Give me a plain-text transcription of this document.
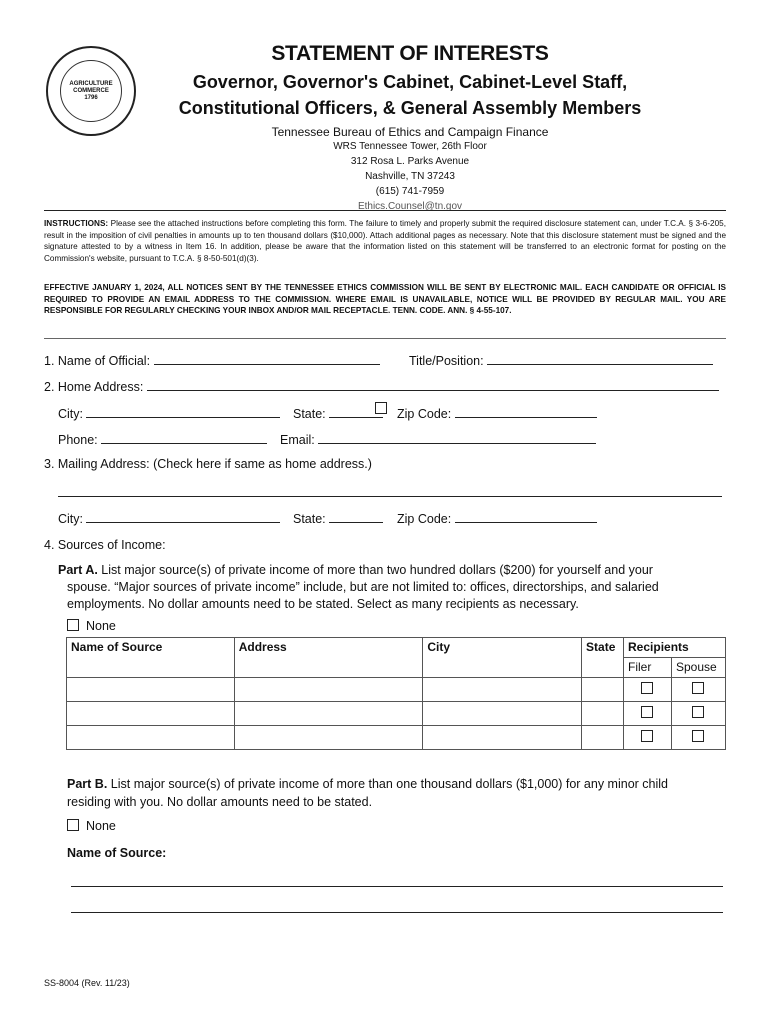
AGRICULTURE
COMMERCE
1796
STATEMENT OF INTERESTS
Governor, Governor's Cabinet, Cabinet-Level Staff,
Constitutional Officers, & General Assembly Members
Tennessee Bureau of Ethics and Campaign Finance
WRS Tennessee Tower, 26th Floor
312 Rosa L. Parks Avenue
Nashville, TN 37243
(615) 741-7959
Ethics.Counsel@tn.gov
INSTRUCTIONS: Please see the attached instructions before completing this form. The failure to timely and properly submit the required disclosure statement can, under T.C.A. § 3-6-205, result in the imposition of civil penalties in amounts up to ten thousand dollars ($10,000). Attach additional pages as necessary. Note that this disclosure statement must be signed and the signature attested to by a witness in Item 16. In addition, please be aware that the information listed on this statement will be transferred to an electronic format for posting on the Commission's website, pursuant to T.C.A. § 8-50-501(d)(3).
EFFECTIVE JANUARY 1, 2024, ALL NOTICES SENT BY THE TENNESSEE ETHICS COMMISSION WILL BE SENT BY ELECTRONIC MAIL. EACH CANDIDATE OR OFFICIAL IS REQUIRED TO PROVIDE AN EMAIL ADDRESS TO THE COMMISSION. WHERE EMAIL IS UNAVAILABLE, NOTICE WILL BE PROVIDED BY REGULAR MAIL. YOU ARE RESPONSIBLE FOR REGULARLY CHECKING YOUR INBOX AND/OR MAIL RECEPTACLE. TENN. CODE. ANN. § 4-55-107.
1. Name of Official:	Title/Position:
2. Home Address:
City:	State:	Zip Code:
Phone:	Email:
3. Mailing Address: (Check here if same as home address.)
City:	State:	Zip Code:
4. Sources of Income:
Part A. List major source(s) of private income of more than two hundred dollars ($200) for yourself and your
spouse. “Major sources of private income” include, but are not limited to: offices, directorships, and salaried
employments. No dollar amounts need to be stated. Select as many recipients as necessary.
None
Name of Source	Address	City	State	Recipients	
				Filer	Spouse

Part B. List major source(s) of private income of more than one thousand dollars ($1,000) for any minor child
residing with you. No dollar amounts need to be stated.
None
Name of Source:
SS-8004 (Rev. 11/23)
